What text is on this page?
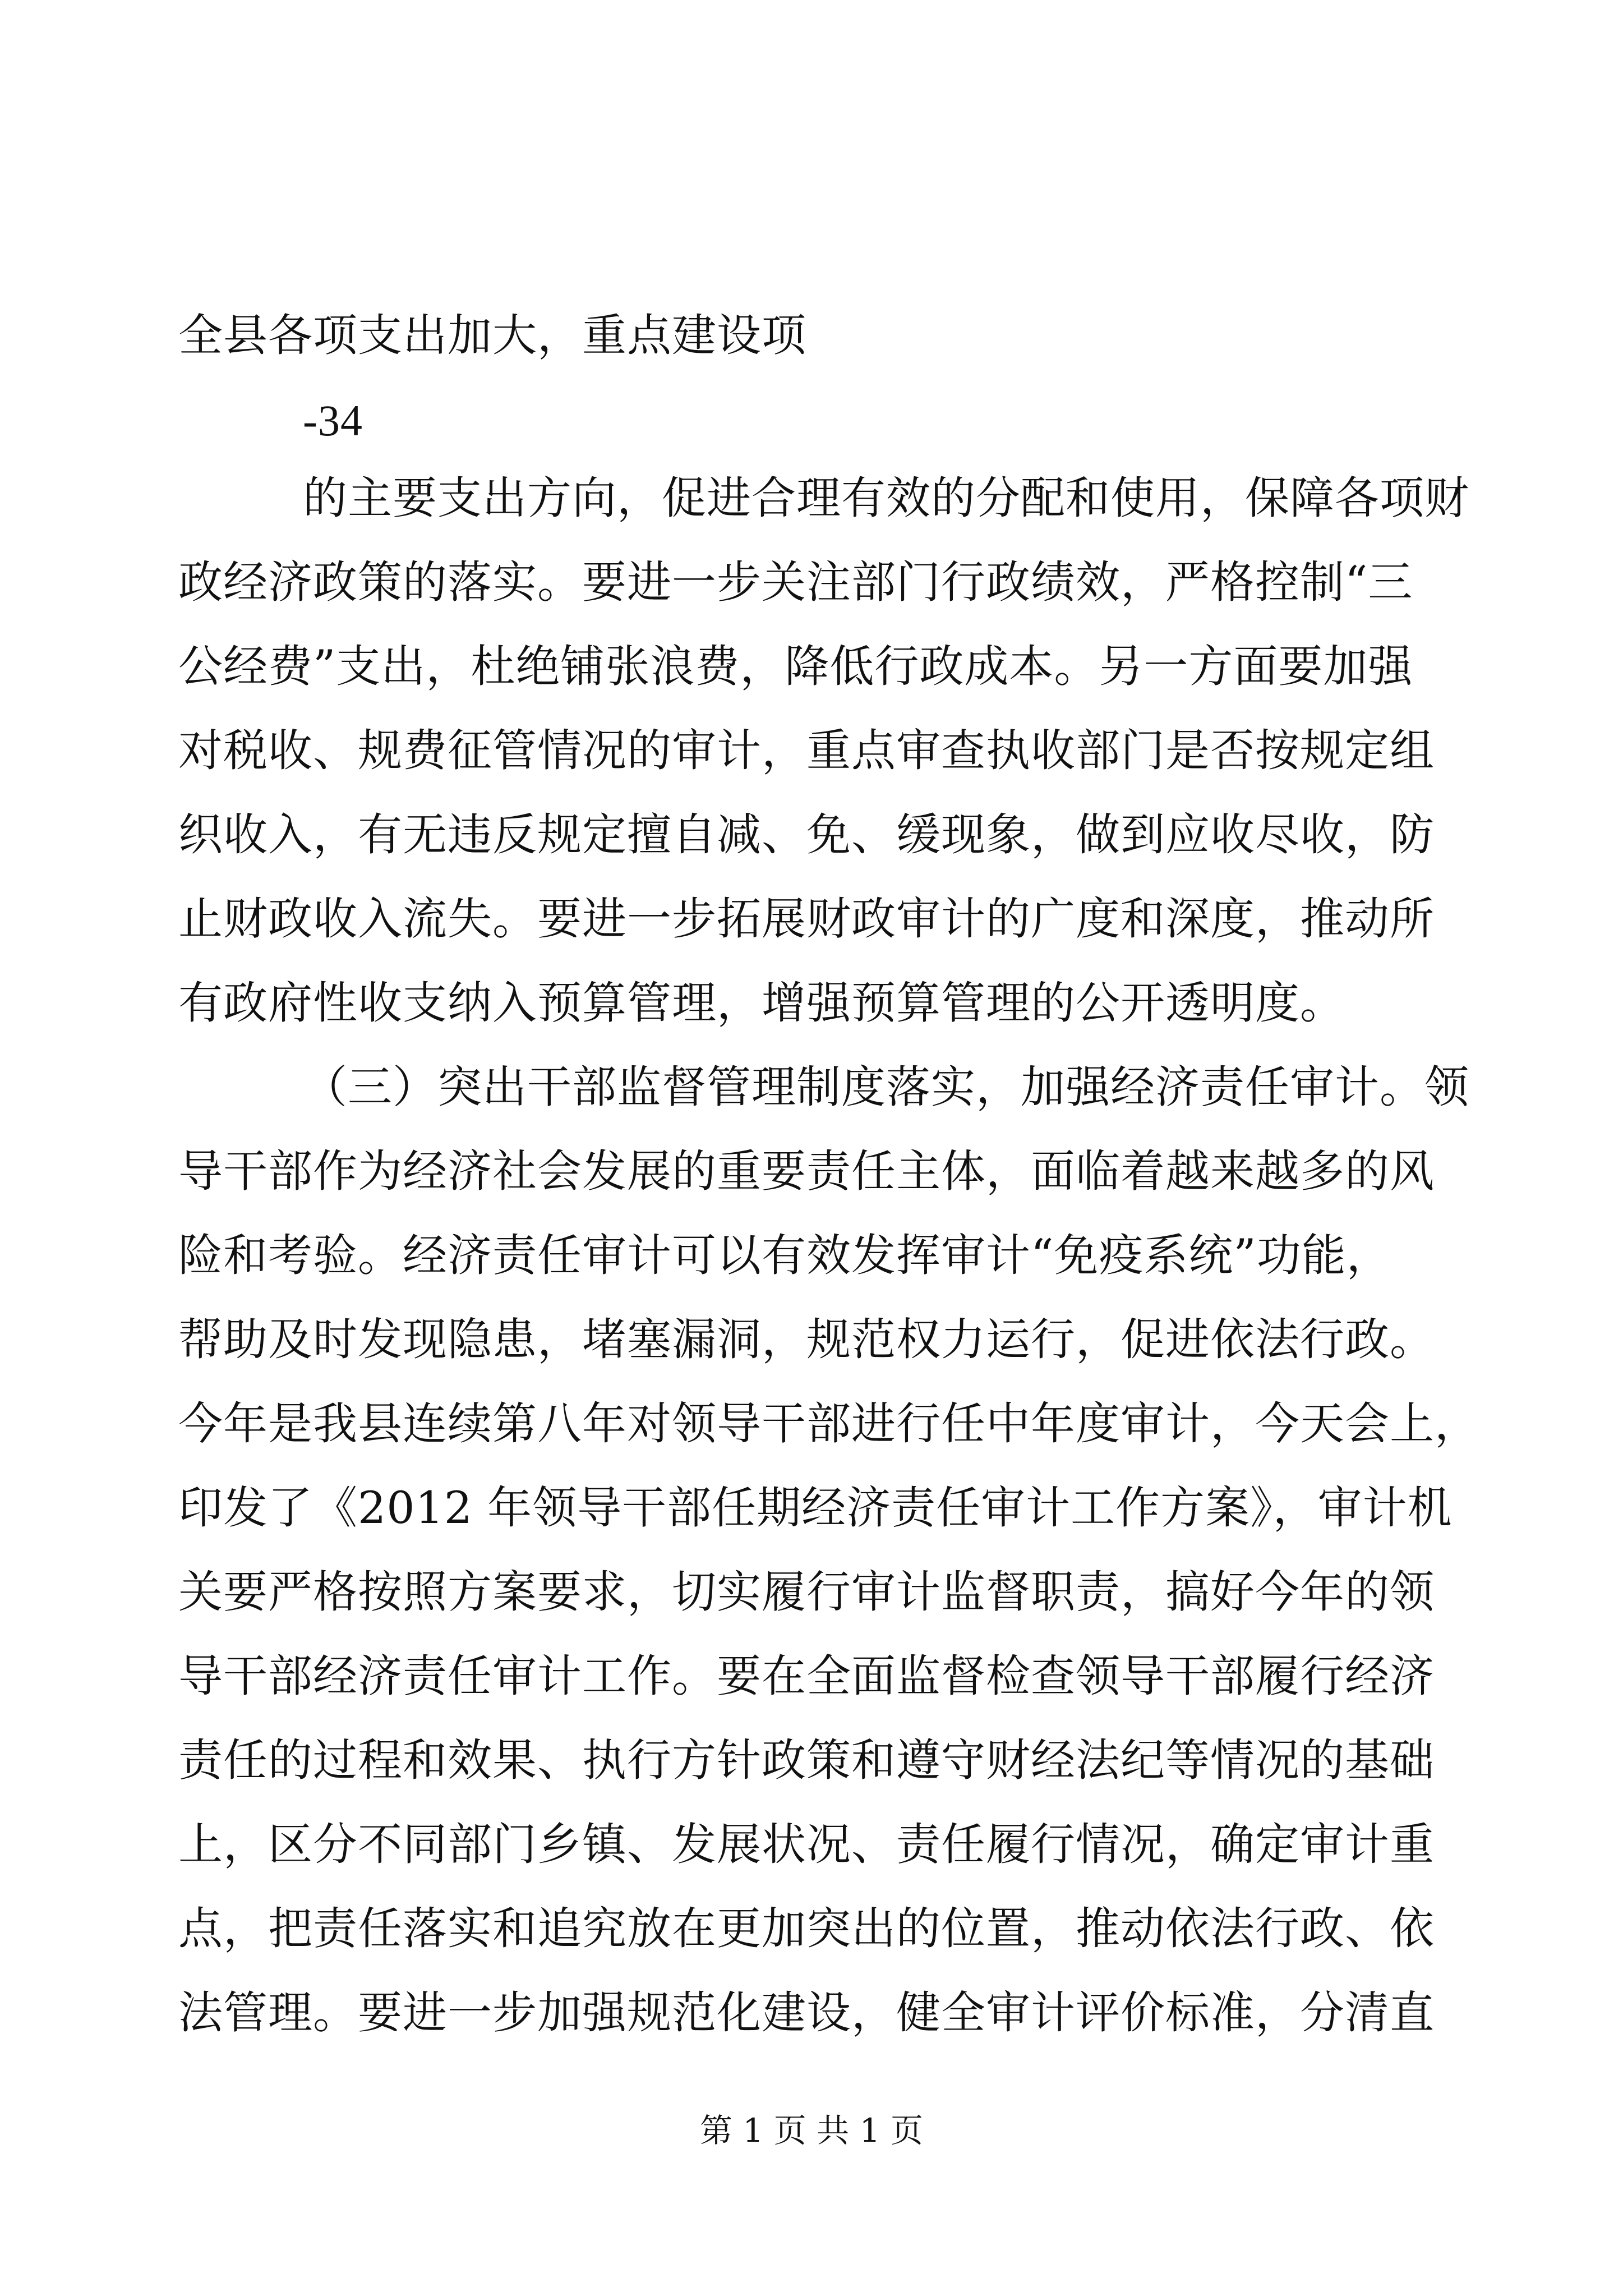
全县各项支出加大，重点建设项
-34
的主要支出方向，促进合理有效的分配和使用，保障各项财
政经济政策的落实。要进一步关注部门行政绩效，严格控制“三
公经费”支出，杜绝铺张浪费，降低行政成本。另一方面要加强
对税收、规费征管情况的审计，重点审查执收部门是否按规定组
织收入，有无违反规定擅自减、免、缓现象，做到应收尽收，防
止财政收入流失。要进一步拓展财政审计的广度和深度，推动所
有政府性收支纳入预算管理，增强预算管理的公开透明度。
（三）突出干部监督管理制度落实，加强经济责任审计。领
导干部作为经济社会发展的重要责任主体，面临着越来越多的风
险和考验。经济责任审计可以有效发挥审计“免疫系统”功能，
帮助及时发现隐患，堵塞漏洞，规范权力运行，促进依法行政。
今年是我县连续第八年对领导干部进行任中年度审计，今天会上，
印发了《2012 年领导干部任期经济责任审计工作方案》，审计机
关要严格按照方案要求，切实履行审计监督职责，搞好今年的领
导干部经济责任审计工作。要在全面监督检查领导干部履行经济
责任的过程和效果、执行方针政策和遵守财经法纪等情况的基础
上，区分不同部门乡镇、发展状况、责任履行情况，确定审计重
点，把责任落实和追究放在更加突出的位置，推动依法行政、依
法管理。要进一步加强规范化建设，健全审计评价标准，分清直
第 1 页 共 1 页
